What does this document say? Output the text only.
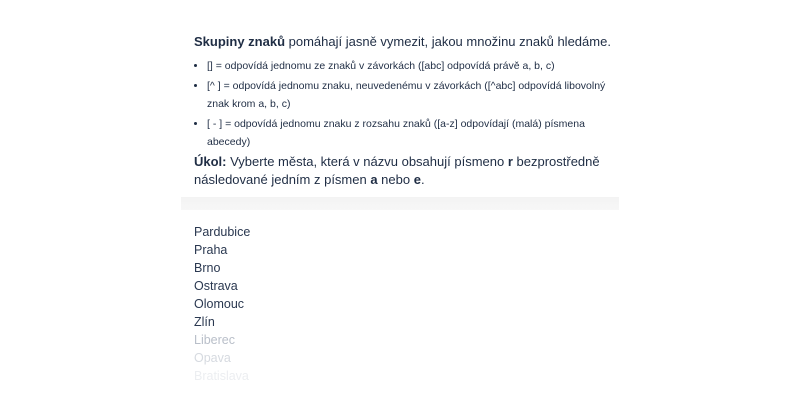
Skupiny znaků pomáhají jasně vymezit, jakou množinu znaků hledáme.

• [] = odpovídá jednomu ze znaků v závorkách ([abc] odpovídá právě a, b, c)
• [^ ] = odpovídá jednomu znaku, neuvedenému v závorkách ([^abc] odpovídá libovolný znak krom a, b, c)
• [ - ] = odpovídá jednomu znaku z rozsahu znaků ([a-z] odpovídají (malá) písmena abecedy)

Úkol: Vyberte města, která v názvu obsahují písmeno r bezprostředně následované jedním z písmen a nebo e.

Pardubice
Praha
Brno
Ostrava
Olomouc
Zlín
Liberec
Opava
Bratislava
